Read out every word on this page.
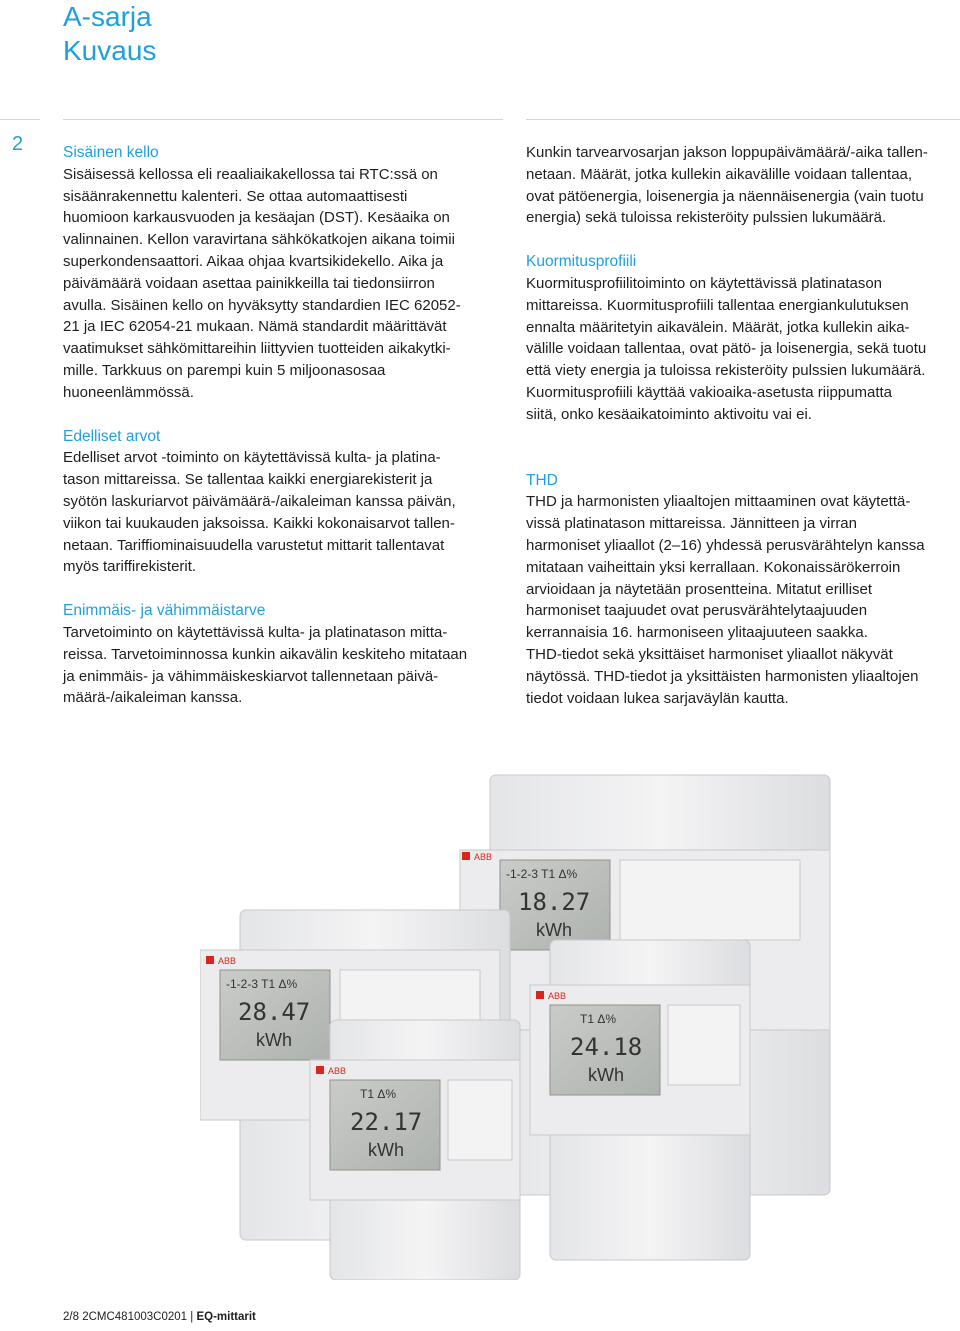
A-sarja
Kuvaus
2	Sisäinen kello
Sisäisessä kellossa eli reaaliaikakellossa tai RTC:ssä on
sisäänrakennettu kalenteri. Se ottaa automaattisesti
huomioon karkausvuoden ja kesäajan (DST). Kesäaika on
valinnainen. Kellon varavirtana sähkökatkojen aikana toimii
superkondensaattori. Aikaa ohjaa kvartsikidekello. Aika ja
päivämäärä voidaan asettaa painikkeilla tai tiedonsiirron
avulla. Sisäinen kello on hyväksytty standardien IEC 62052-
21 ja IEC 62054-21 mukaan. Nämä standardit määrittävät
vaatimukset sähkömittareihin liittyvien tuotteiden aikakytki-
mille. Tarkkuus on parempi kuin 5 miljoonasosaa
huoneenlämmössä.
Edelliset arvot
Edelliset arvot -toiminto on käytettävissä kulta- ja platina-
tason mittareissa. Se tallentaa kaikki energiarekisterit ja
syötön laskuriarvot päivämäärä-/aikaleiman kanssa päivän,
viikon tai kuukauden jaksoissa. Kaikki kokonaisarvot tallen-
netaan. Tariffiominaisuudella varustetut mittarit tallentavat
myös tariffirekisterit.
Enimmäis- ja vähimmäistarve
Tarvetoiminto on käytettävissä kulta- ja platinatason mitta-
reissa. Tarvetoiminnossa kunkin aikavälin keskiteho mitataan
ja enimmäis- ja vähimmäiskeskiarvot tallennetaan päivä-
määrä-/aikaleiman kanssa.
Kunkin tarvearvosarjan jakson loppupäivämäärä/-aika tallen-
netaan. Määrät, jotka kullekin aikavälille voidaan tallentaa,
ovat pätöenergia, loisenergia ja näennäisenergia (vain tuotu
energia) sekä tuloissa rekisteröity pulssien lukumäärä.
Kuormitusprofiili
Kuormitusprofiilitoiminto on käytettävissä platinatason
mittareissa. Kuormitusprofiili tallentaa energiankulutuksen
ennalta määritetyin aikavälein. Määrät, jotka kullekin aika-
välille voidaan tallentaa, ovat pätö- ja loisenergia, sekä tuotu
että viety energia ja tuloissa rekisteröity pulssien lukumäärä.
Kuormitusprofiili käyttää vakioaika-asetusta riippumatta
siitä, onko kesäaikatoiminto aktivoitu vai ei.
THD
THD ja harmonisten yliaaltojen mittaaminen ovat käytettä-
vissä platinatason mittareissa. Jännitteen ja virran
harmoniset yliaallot (2–16) yhdessä perusvärähtelyn kanssa
mitataan vaiheittain yksi kerrallaan. Kokonaissärökerroin
arvioidaan ja näytetään prosentteina. Mitatut erilliset
harmoniset taajuudet ovat perusvärähtelytaajuuden
kerrannaisia 16. harmoniseen ylitaajuuteen saakka.
THD-tiedot sekä yksittäiset harmoniset yliaallot näkyvät
näytössä. THD-tiedot ja yksittäisten harmonisten yliaaltojen
tiedot voidaan lukea sarjaväylän kautta.
ABB
-1-2-3 T1 Δ%
18.27
kWh
ABB
-1-2-3 T1 Δ%
28.47
kWh
ABB
T1 Δ%
24.18
kWh
ABB
T1 Δ%
22.17
kWh
2/8 2CMC481003C0201 | EQ-mittarit
